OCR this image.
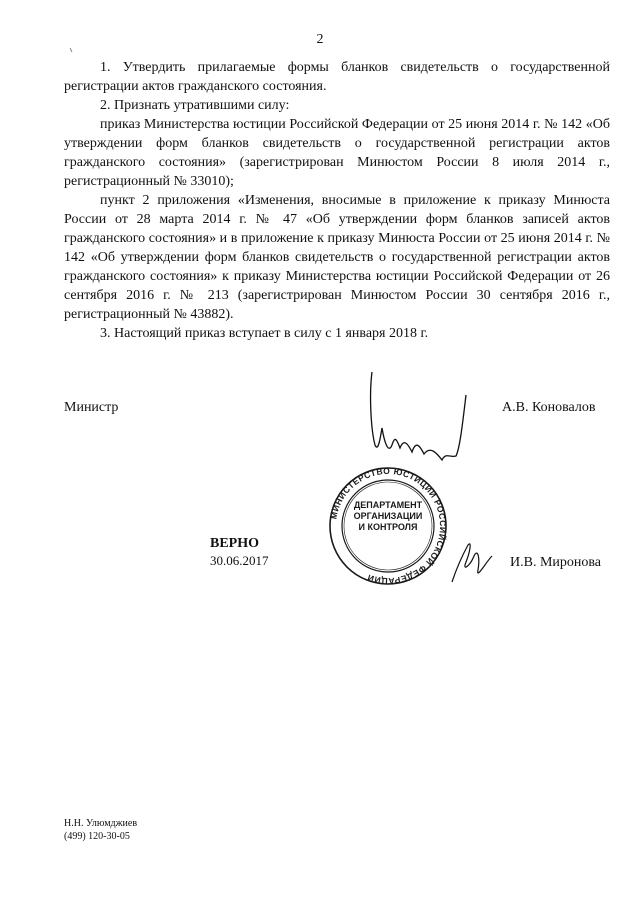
2

1. Утвердить прилагаемые формы бланков свидетельств о государственной регистрации актов гражданского состояния.

2. Признать утратившими силу:

приказ Министерства юстиции Российской Федерации от 25 июня 2014 г. № 142 «Об утверждении форм бланков свидетельств о государственной регистрации актов гражданского состояния» (зарегистрирован Минюстом России 8 июля 2014 г., регистрационный № 33010);

пункт 2 приложения «Изменения, вносимые в приложение к приказу Минюста России от 28 марта 2014 г. № 47 «Об утверждении форм бланков записей актов гражданского состояния» и в приложение к приказу Минюста России от 25 июня 2014 г. № 142 «Об утверждении форм бланков свидетельств о государственной регистрации актов гражданского состояния» к приказу Министерства юстиции Российской Федерации от 26 сентября 2016 г. № 213 (зарегистрирован Минюстом России 30 сентября 2016 г., регистрационный № 43882).

3. Настоящий приказ вступает в силу с 1 января 2018 г.

МИНИСТЕРСТВО ЮСТИЦИИ РОССИЙСКОЙ ФЕДЕРАЦИИ
ДЕПАРТАМЕНТ
ОРГАНИЗАЦИИ
И КОНТРОЛЯ
Министр	А.В. Коновалов
ВЕРНО
30.06.2017	И.В. Миронова
Н.Н. Улюмджиев
(499) 120-30-05
